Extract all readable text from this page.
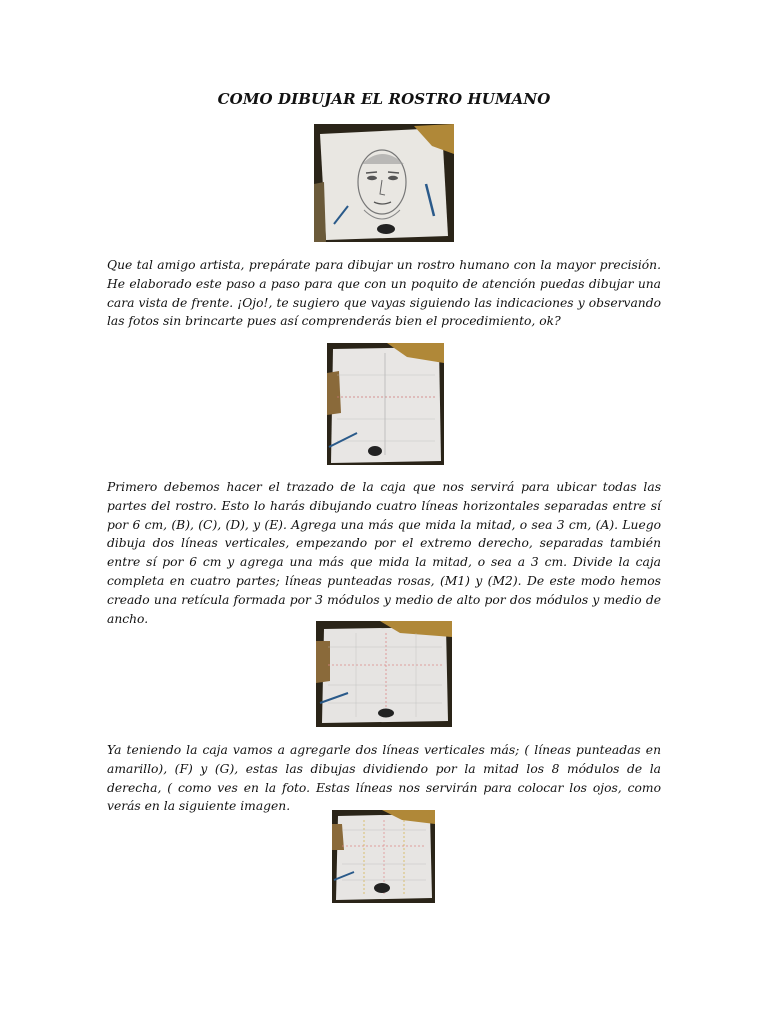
COMO DIBUJAR EL ROSTRO HUMANO

Que tal amigo artista, prepárate para dibujar un rostro humano con la mayor precisión. He elaborado este paso a paso para que con un poquito de atención puedas dibujar una cara vista de frente. ¡Ojo!, te sugiero que vayas siguiendo las indicaciones y observando las fotos sin brincarte pues así comprenderás bien el procedimiento, ok?

Primero debemos hacer el trazado de la caja que nos servirá para ubicar todas las partes del rostro. Esto lo harás dibujando cuatro líneas horizontales separadas entre sí por 6 cm, (B), (C), (D), y (E). Agrega una más que mida la mitad, o sea 3 cm, (A). Luego dibuja dos líneas verticales, empezando por el extremo derecho, separadas también entre sí por 6 cm y agrega una más que mida la mitad, o sea a 3 cm. Divide la caja completa en cuatro partes; líneas punteadas rosas, (M1) y (M2). De este modo hemos creado una retícula formada por 3 módulos y medio de alto por dos módulos y medio de ancho.

Ya teniendo la caja vamos a agregarle dos líneas verticales más; ( líneas punteadas en amarillo), (F) y (G), estas las dibujas dividiendo por la mitad los 8 módulos de la derecha, ( como ves en la foto. Estas líneas nos servirán para colocar los ojos, como verás en la siguiente imagen.
